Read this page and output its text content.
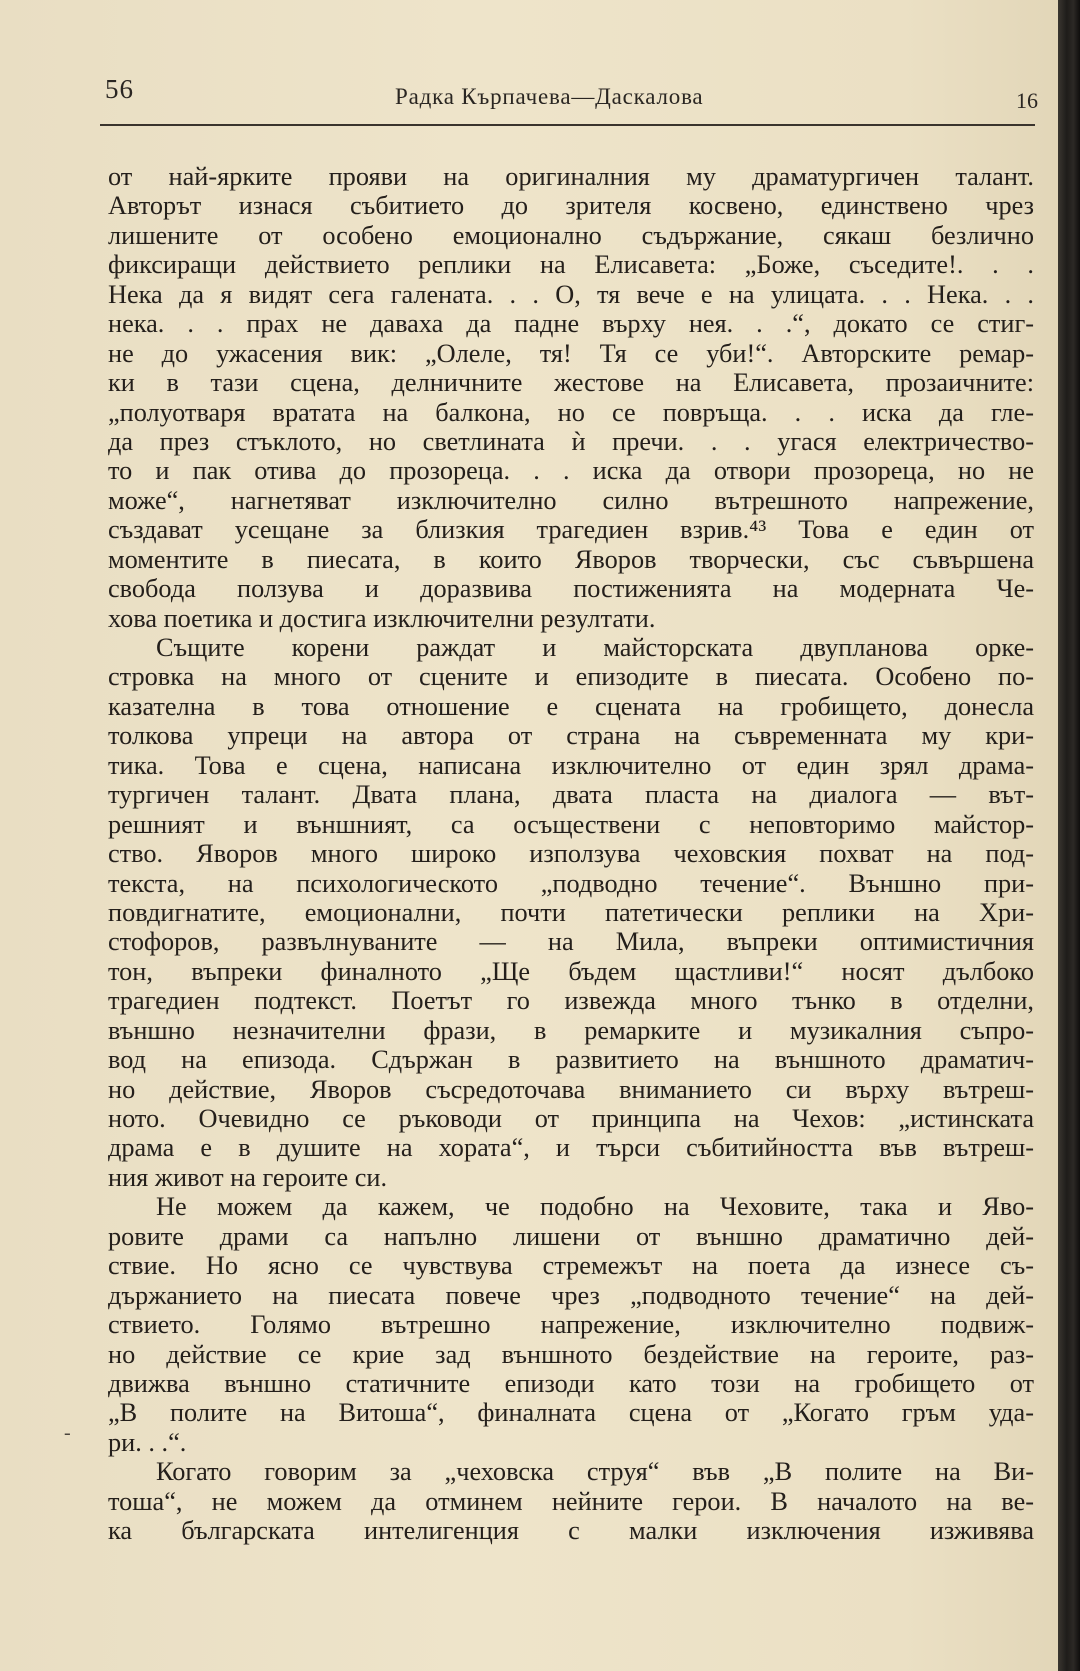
56	Радка Кърпачева—Даскалова	16
-
от най-ярките прояви на оригиналния му драматургичен талант.
Авторът изнася събитието до зрителя косвено, единствено чрез
лишените от особено емоционално съдържание, сякаш безлично
фиксиращи действието реплики на Елисавета: „Боже, съседите!. . .
Нека да я видят сега галената. . . О, тя вече е на улицата. . . Нека. . .
нека. . . прах не даваха да падне върху нея. . .“, докато се стиг-
не до ужасения вик: „Олеле, тя! Тя се уби!“. Авторските ремар-
ки в тази сцена, делничните жестове на Елисавета, прозаичните:
„полуотваря вратата на балкона, но се повръща. . . иска да гле-
да през стъклото, но светлината ѝ пречи. . . угася електричество-
то и пак отива до прозореца. . . иска да отвори прозореца, но не
може“, нагнетяват изключително силно вътрешното напрежение,
създават усещане за близкия трагедиен взрив.⁴³ Това е един от
моментите в пиесата, в които Яворов творчески, със съвършена
свобода ползува и доразвива постиженията на модерната Че-
хова поетика и достига изключителни резултати.
Същите корени раждат и майсторската двупланова орке-
стровка на много от сцените и епизодите в пиесата. Особено по-
казателна в това отношение е сцената на гробището, донесла
толкова упреци на автора от страна на съвременната му кри-
тика. Това е сцена, написана изключително от един зрял драма-
тургичен талант. Двата плана, двата пласта на диалога — вът-
решният и външният, са осъществени с неповторимо майстор-
ство. Яворов много широко използува чеховския похват на под-
текста, на психологическото „подводно течение“. Външно при-
повдигнатите, емоционални, почти патетически реплики на Хри-
стофоров, развълнуваните — на Мила, въпреки оптимистичния
тон, въпреки финалното „Ще бъдем щастливи!“ носят дълбоко
трагедиен подтекст. Поетът го извежда много тънко в отделни,
външно незначителни фрази, в ремарките и музикалния съпро-
вод на епизода. Сдържан в развитието на външното драматич-
но действие, Яворов съсредоточава вниманието си върху вътреш-
ното. Очевидно се ръководи от принципа на Чехов: „истинската
драма е в душите на хората“, и търси събитийността във вътреш-
ния живот на героите си.
Не можем да кажем, че подобно на Чеховите, така и Яво-
ровите драми са напълно лишени от външно драматично дей-
ствие. Но ясно се чувствува стремежът на поета да изнесе съ-
държанието на пиесата повече чрез „подводното течение“ на дей-
ствието. Голямо вътрешно напрежение, изключително подвиж-
но действие се крие зад външното бездействие на героите, раз-
движва външно статичните епизоди като този на гробището от
„В полите на Витоша“, финалната сцена от „Когато гръм уда-
ри. . .“.
Когато говорим за „чеховска струя“ във „В полите на Ви-
тоша“, не можем да отминем нейните герои. В началото на ве-
ка българската интелигенция с малки изключения изживява
